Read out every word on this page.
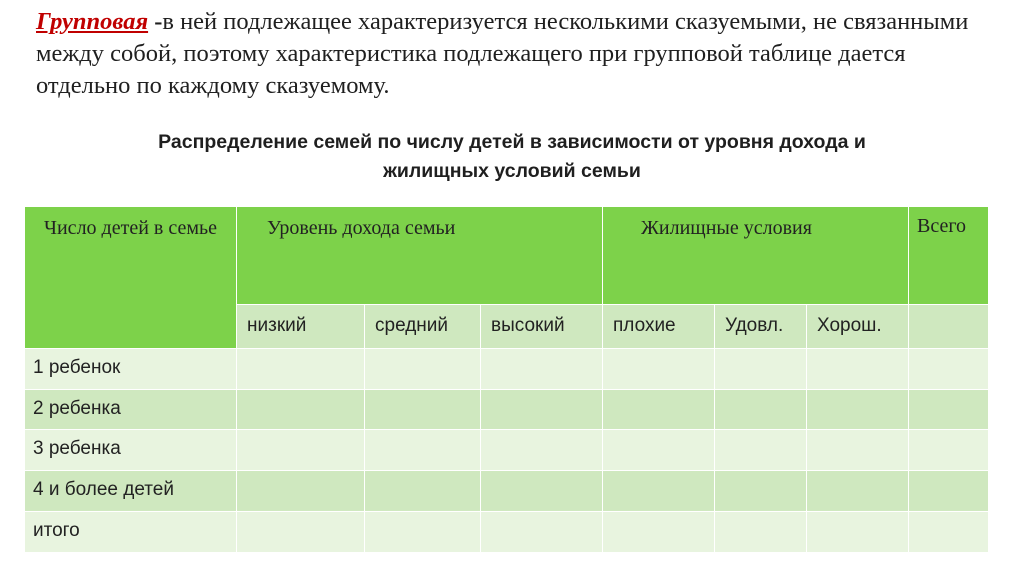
Групповая -в ней подлежащее характеризуется несколькими сказуемыми, не связанными между собой, поэтому характеристика подлежащего при групповой таблице дается отдельно по каждому сказуемому.
Распределение семей по числу детей в зависимости от уровня дохода и
жилищных условий семьи
Число детей в семье	Уровень дохода семьи			Жилищные условия			Всего

	низкий	средний	высокий	плохие	Удовл.	Хорош.	

1 ребенок							

2 ребенка							

3 ребенка							

4 и более детей							

итого							
